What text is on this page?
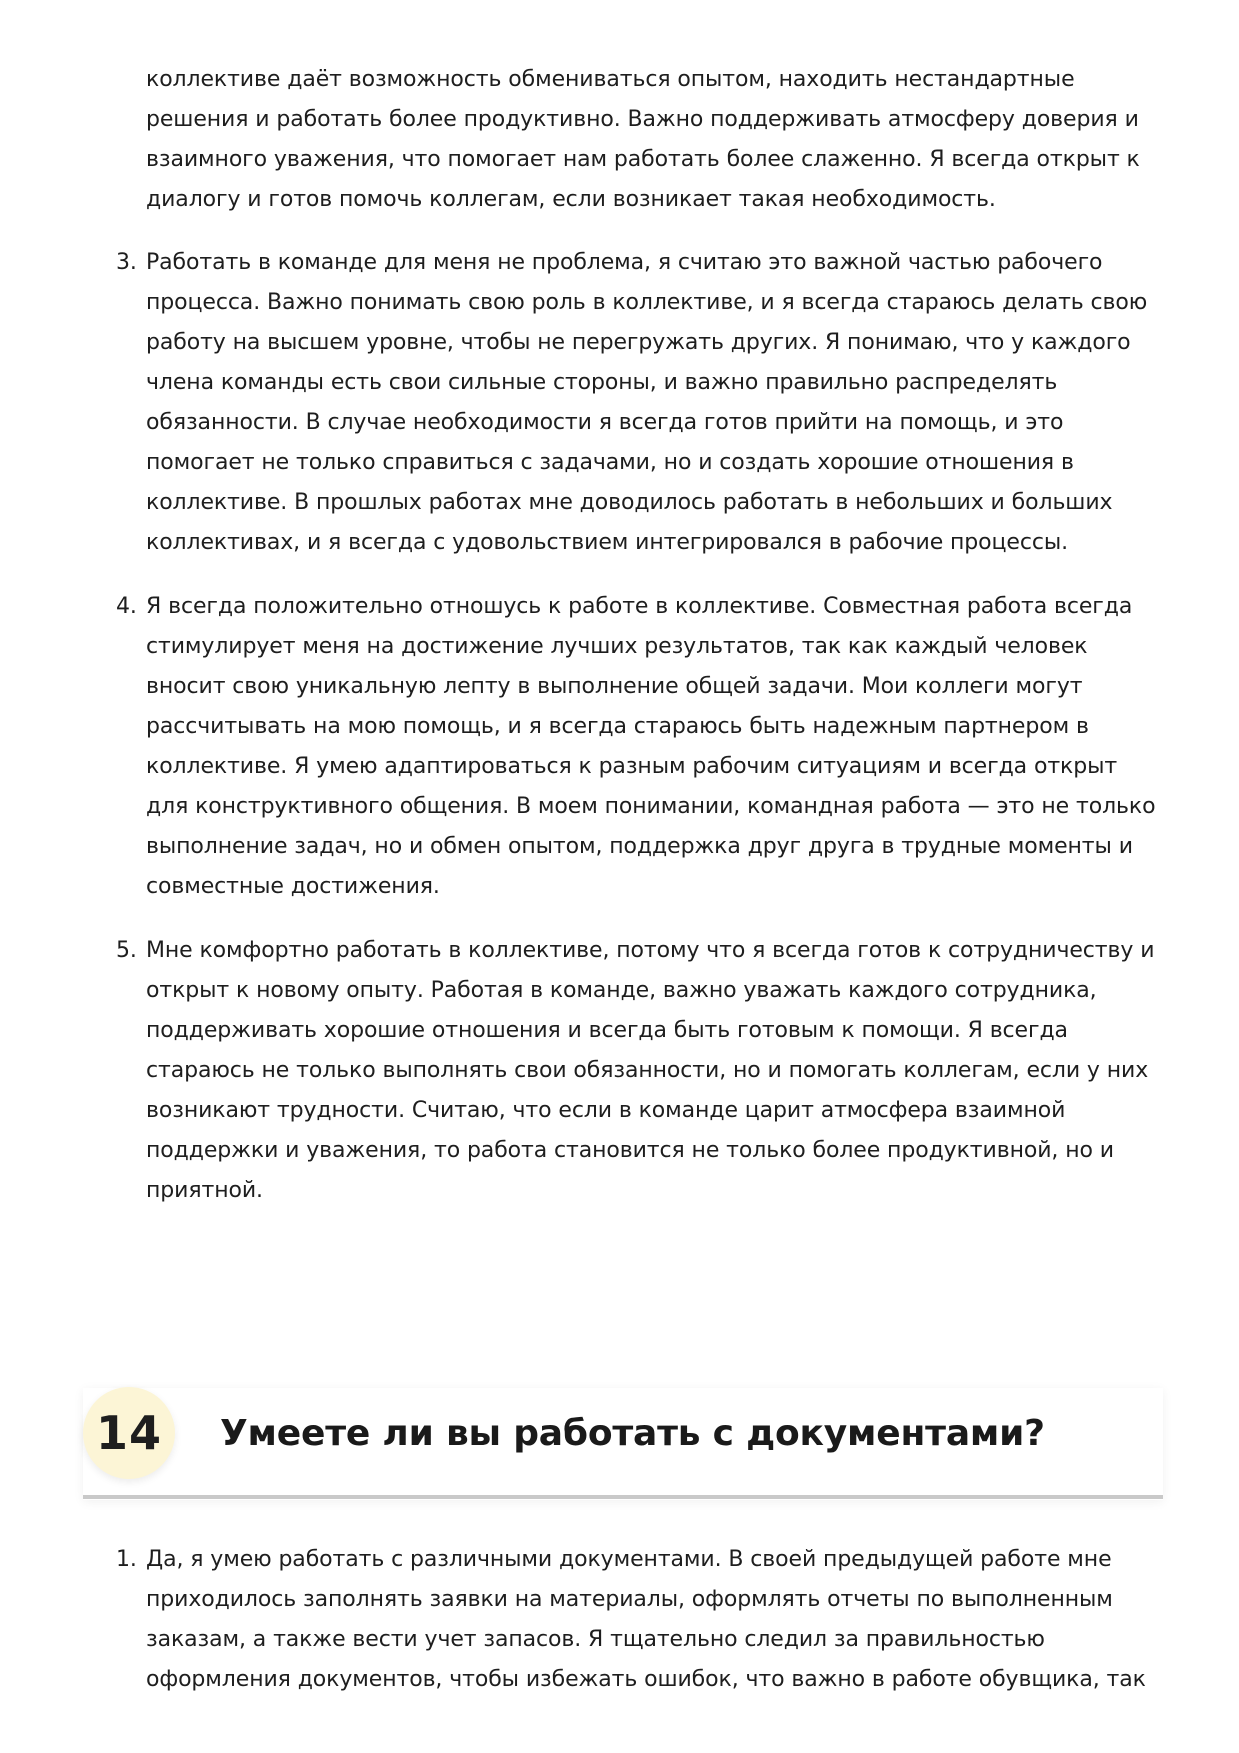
коллективе даёт возможность обмениваться опытом, находить нестандартные решения и работать более продуктивно. Важно поддерживать атмосферу доверия и взаимного уважения, что помогает нам работать более слаженно. Я всегда открыт к диалогу и готов помочь коллегам, если возникает такая необходимость.

3. Работать в команде для меня не проблема, я считаю это важной частью рабочего процесса. Важно понимать свою роль в коллективе, и я всегда стараюсь делать свою работу на высшем уровне, чтобы не перегружать других. Я понимаю, что у каждого члена команды есть свои сильные стороны, и важно правильно распределять обязанности. В случае необходимости я всегда готов прийти на помощь, и это помогает не только справиться с задачами, но и создать хорошие отношения в коллективе. В прошлых работах мне доводилось работать в небольших и больших коллективах, и я всегда с удовольствием интегрировался в рабочие процессы.
4. Я всегда положительно отношусь к работе в коллективе. Совместная работа всегда стимулирует меня на достижение лучших результатов, так как каждый человек вносит свою уникальную лепту в выполнение общей задачи. Мои коллеги могут рассчитывать на мою помощь, и я всегда стараюсь быть надежным партнером в коллективе. Я умею адаптироваться к разным рабочим ситуациям и всегда открыт для конструктивного общения. В моем понимании, командная работа — это не только выполнение задач, но и обмен опытом, поддержка друг друга в трудные моменты и совместные достижения.
5. Мне комфортно работать в коллективе, потому что я всегда готов к сотрудничеству и открыт к новому опыту. Работая в команде, важно уважать каждого сотрудника, поддерживать хорошие отношения и всегда быть готовым к помощи. Я всегда стараюсь не только выполнять свои обязанности, но и помогать коллегам, если у них возникают трудности. Считаю, что если в команде царит атмосфера взаимной поддержки и уважения, то работа становится не только более продуктивной, но и приятной.
14	Умеете ли вы работать с документами?
1. Да, я умею работать с различными документами. В своей предыдущей работе мне приходилось заполнять заявки на материалы, оформлять отчеты по выполненным заказам, а также вести учет запасов. Я тщательно следил за правильностью оформления документов, чтобы избежать ошибок, что важно в работе обувщика, так
